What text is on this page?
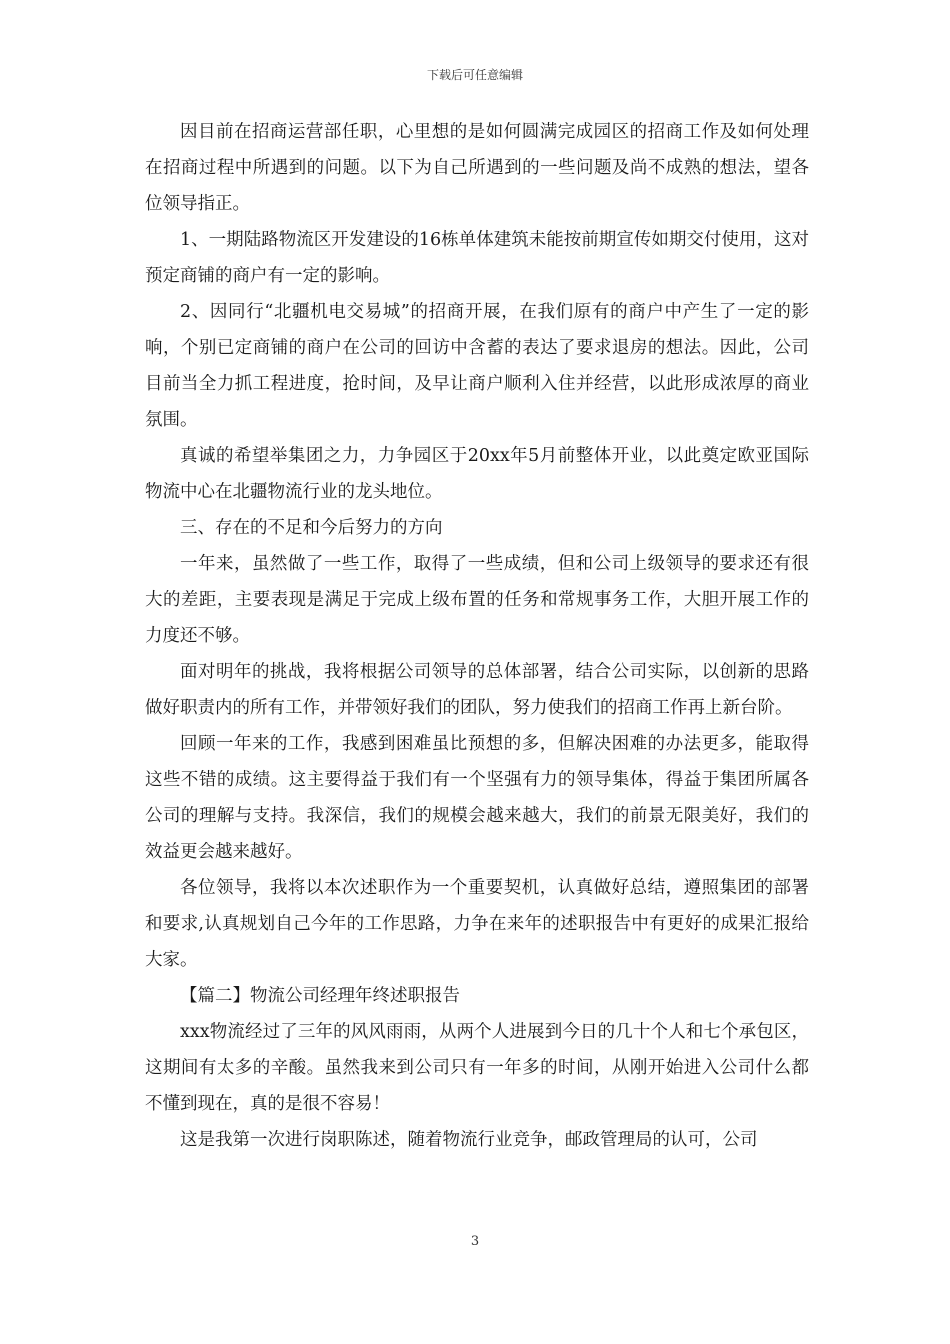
下载后可任意编辑

因目前在招商运营部任职，心里想的是如何圆满完成园区的招商工作及如何处理在招商过程中所遇到的问题。以下为自己所遇到的一些问题及尚不成熟的想法，望各位领导指正。

1、一期陆路物流区开发建设的16栋单体建筑未能按前期宣传如期交付使用，这对预定商铺的商户有一定的影响。

2、因同行“北疆机电交易城”的招商开展，在我们原有的商户中产生了一定的影响，个别已定商铺的商户在公司的回访中含蓄的表达了要求退房的想法。因此，公司目前当全力抓工程进度，抢时间，及早让商户顺利入住并经营，以此形成浓厚的商业氛围。

真诚的希望举集团之力，力争园区于20xx年5月前整体开业，以此奠定欧亚国际物流中心在北疆物流行业的龙头地位。

三、存在的不足和今后努力的方向

一年来，虽然做了一些工作，取得了一些成绩，但和公司上级领导的要求还有很大的差距，主要表现是满足于完成上级布置的任务和常规事务工作，大胆开展工作的力度还不够。

面对明年的挑战，我将根据公司领导的总体部署，结合公司实际，以创新的思路做好职责内的所有工作，并带领好我们的团队，努力使我们的招商工作再上新台阶。

回顾一年来的工作，我感到困难虽比预想的多，但解决困难的办法更多，能取得这些不错的成绩。这主要得益于我们有一个坚强有力的领导集体，得益于集团所属各公司的理解与支持。我深信，我们的规模会越来越大，我们的前景无限美好，我们的效益更会越来越好。

各位领导，我将以本次述职作为一个重要契机，认真做好总结，遵照集团的部署和要求,认真规划自己今年的工作思路，力争在来年的述职报告中有更好的成果汇报给大家。

【篇二】物流公司经理年终述职报告

xxx物流经过了三年的风风雨雨，从两个人进展到今日的几十个人和七个承包区，这期间有太多的辛酸。虽然我来到公司只有一年多的时间，从刚开始进入公司什么都不懂到现在，真的是很不容易！

这是我第一次进行岗职陈述，随着物流行业竞争，邮政管理局的认可，公司

3
